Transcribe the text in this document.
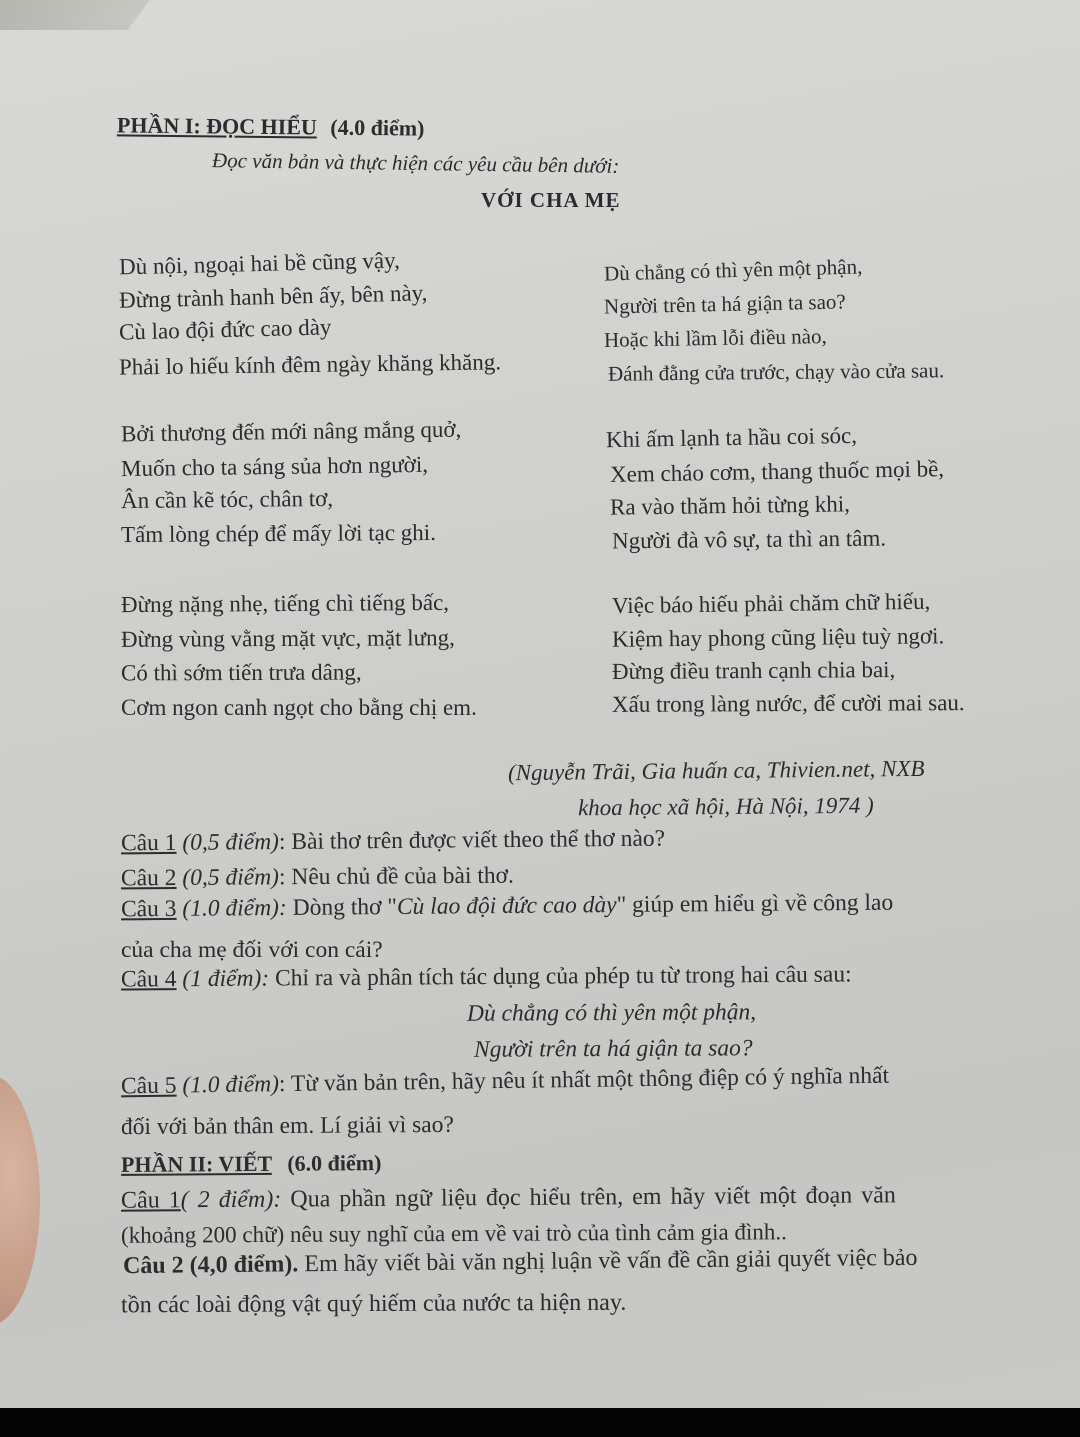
PHẦN I: ĐỌC HIỂU (4.0 điểm)
Đọc văn bản và thực hiện các yêu cầu bên dưới:
VỚI CHA MẸ
Dù nội, ngoại hai bề cũng vậy,
Đừng trành hanh bên ấy, bên này,
Cù lao đội đức cao dày
Phải lo hiếu kính đêm ngày khăng khăng.
Dù chẳng có thì yên một phận,
Người trên ta há giận ta sao?
Hoặc khi lầm lỗi điều nào,
Đánh đằng cửa trước, chạy vào cửa sau.
Bởi thương đến mới nâng mắng quở,
Muốn cho ta sáng sủa hơn người,
Ân cần kẽ tóc, chân tơ,
Tấm lòng chép để mấy lời tạc ghi.
Khi ấm lạnh ta hầu coi sóc,
Xem cháo cơm, thang thuốc mọi bề,
Ra vào thăm hỏi từng khi,
Người đà vô sự, ta thì an tâm.
Đừng nặng nhẹ, tiếng chì tiếng bấc,
Đừng vùng vằng mặt vực, mặt lưng,
Có thì sớm tiến trưa dâng,
Cơm ngon canh ngọt cho bằng chị em.
Việc báo hiếu phải chăm chữ hiếu,
Kiệm hay phong cũng liệu tuỳ ngơi.
Đừng điều tranh cạnh chia bai,
Xấu trong làng nước, để cười mai sau.
(Nguyễn Trãi, Gia huấn ca, Thivien.net, NXB
khoa học xã hội, Hà Nội, 1974 )
Câu 1 (0,5 điểm): Bài thơ trên được viết theo thể thơ nào?
Câu 2 (0,5 điểm): Nêu chủ đề của bài thơ.
Câu 3 (1.0 điểm): Dòng thơ "Cù lao đội đức cao dày" giúp em hiểu gì về công lao
của cha mẹ đối với con cái?
Câu 4 (1 điểm): Chỉ ra và phân tích tác dụng của phép tu từ trong hai câu sau:
Dù chẳng có thì yên một phận,
Người trên ta há giận ta sao?
Câu 5 (1.0 điểm): Từ văn bản trên, hãy nêu ít nhất một thông điệp có ý nghĩa nhất
đối với bản thân em. Lí giải vì sao?
PHẦN II: VIẾT (6.0 điểm)
Câu 1( 2 điểm): Qua phần ngữ liệu đọc hiểu trên, em hãy viết một đoạn văn
(khoảng 200 chữ) nêu suy nghĩ của em về vai trò của tình cảm gia đình..
Câu 2 (4,0 điểm). Em hãy viết bài văn nghị luận về vấn đề cần giải quyết việc bảo
tồn các loài động vật quý hiếm của nước ta hiện nay.
